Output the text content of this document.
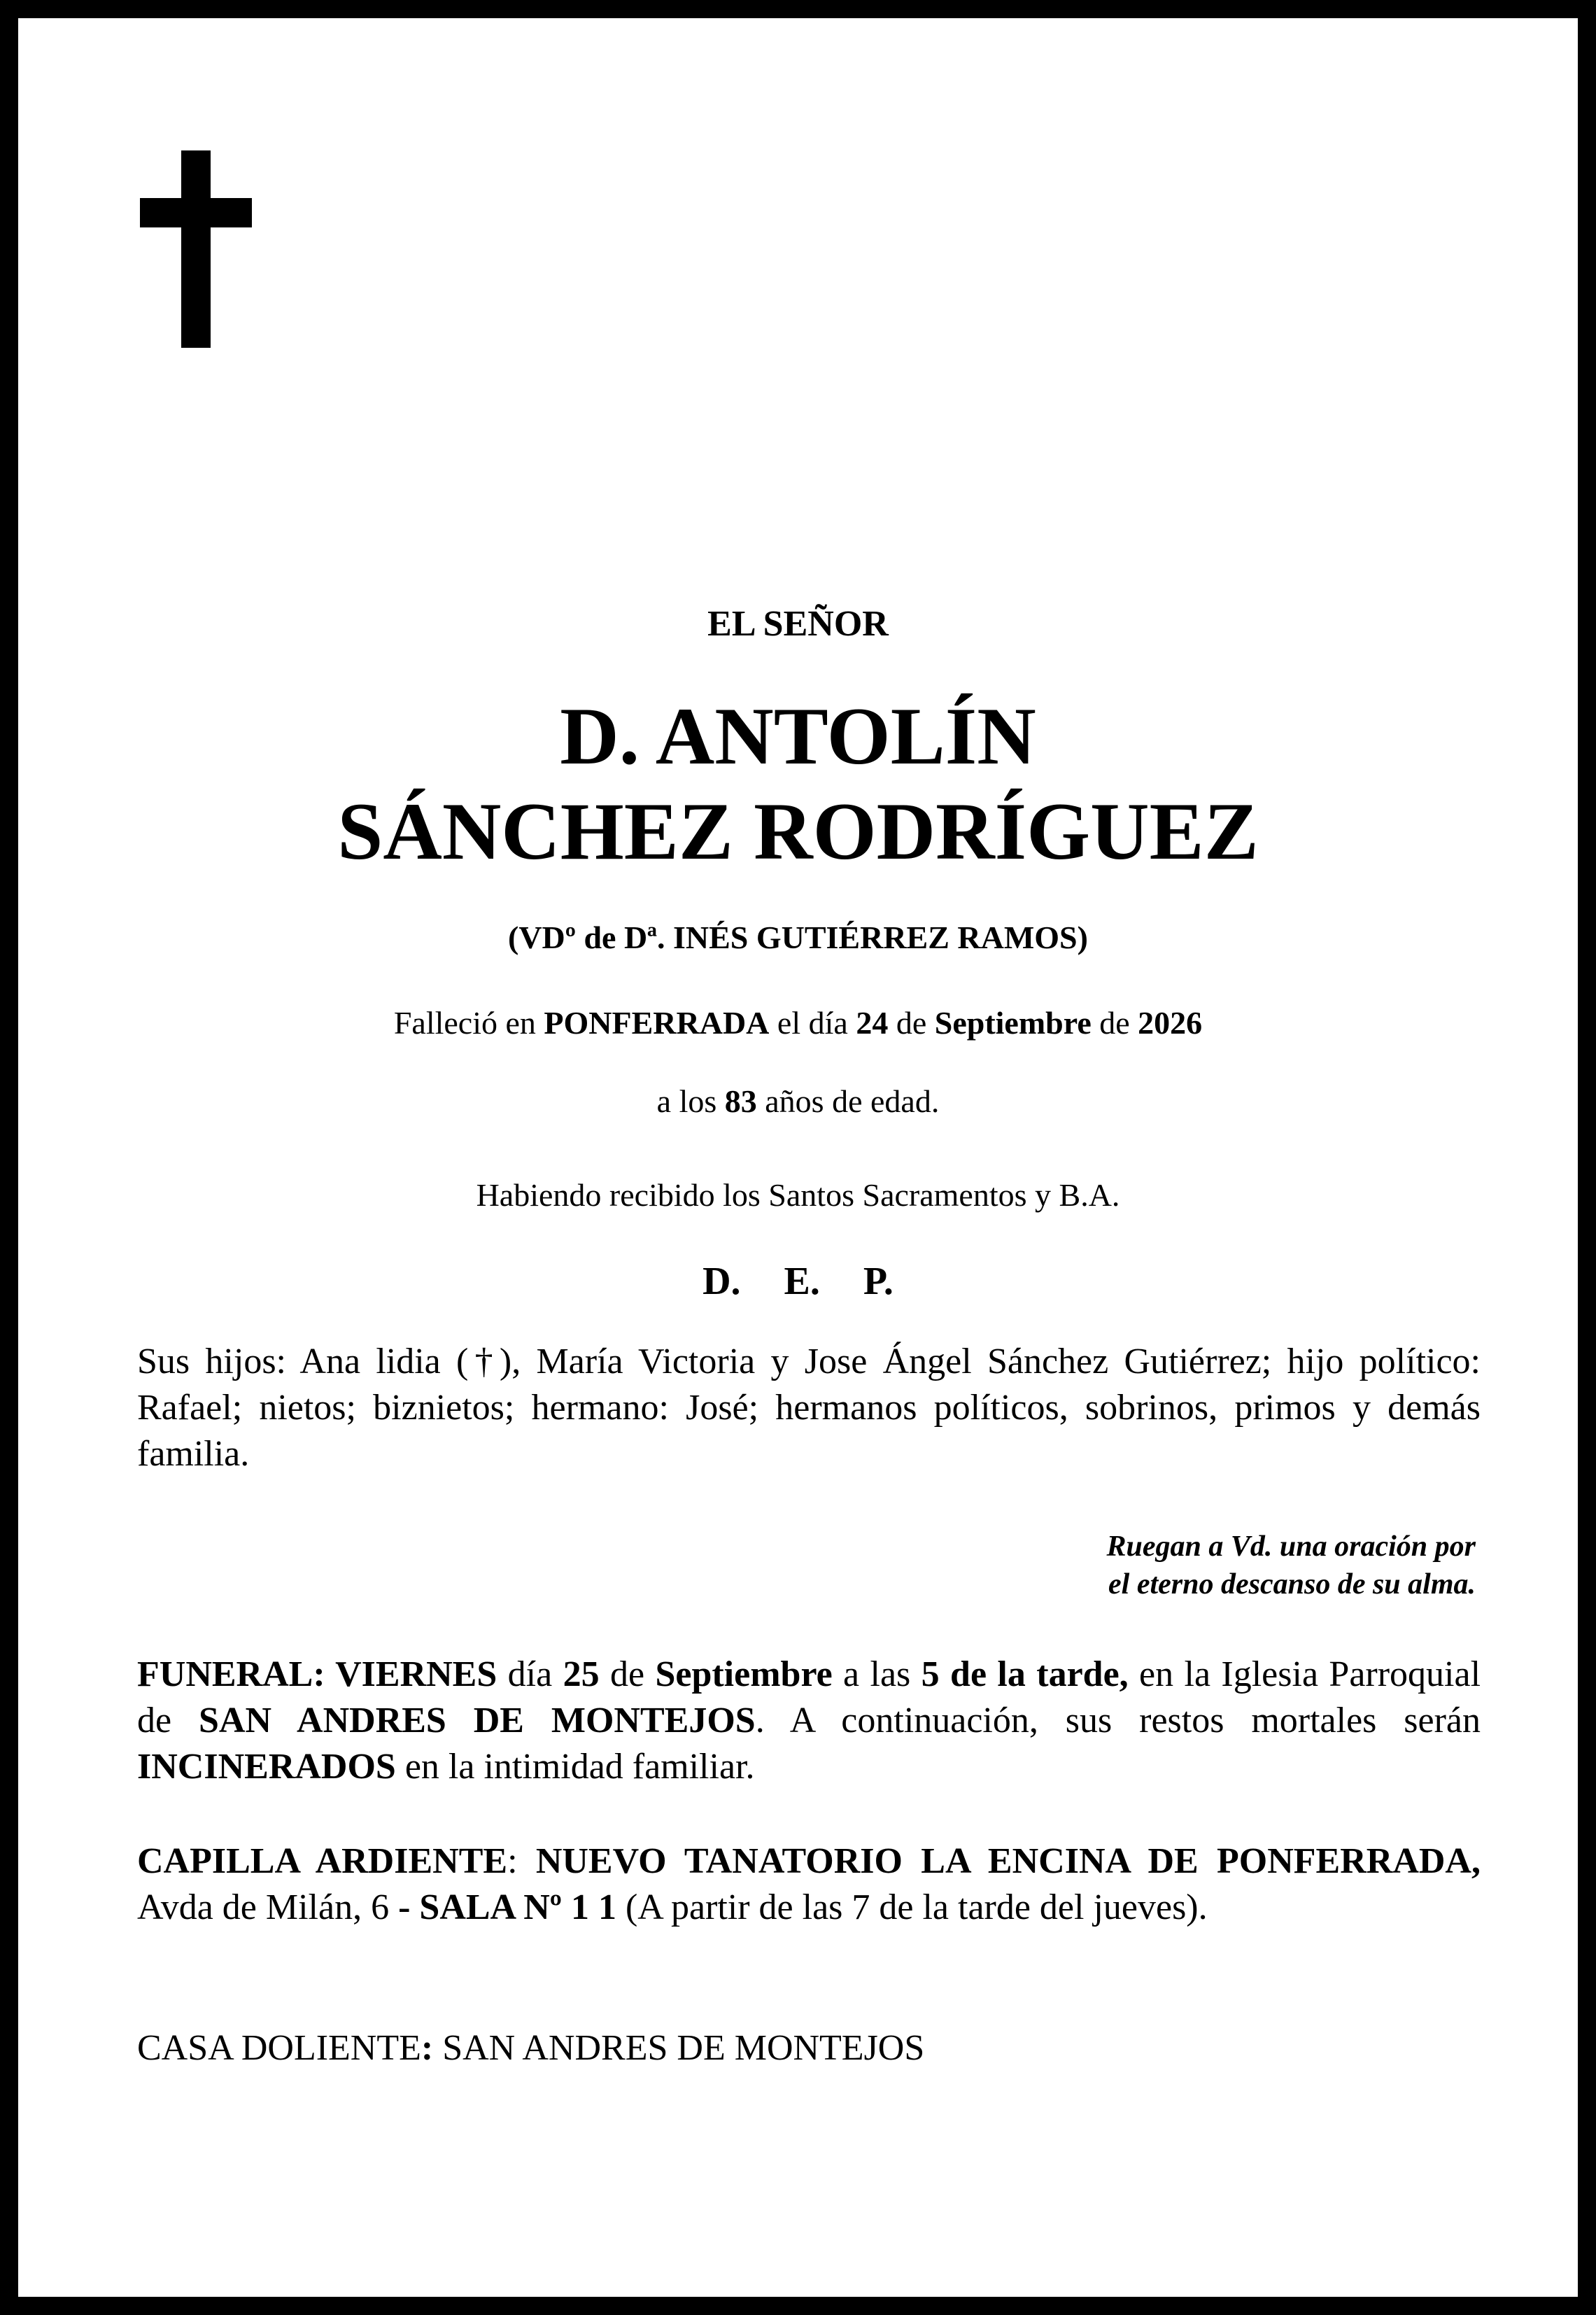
EL SEÑOR
D. ANTOLÍN
SÁNCHEZ RODRÍGUEZ
(VDº de Dª. INÉS GUTIÉRREZ RAMOS)
Falleció en PONFERRADA el día 24 de Septiembre de 2026
a los 83 años de edad.
Habiendo recibido los Santos Sacramentos y B.A.
D. E. P.
Sus hijos: Ana lidia (†), María Victoria y Jose Ángel Sánchez Gutiérrez; hijo político: Rafael; nietos; biznietos; hermano: José; hermanos políticos, sobrinos, primos y demás familia.
Ruegan a Vd. una oración por
el eterno descanso de su alma.
FUNERAL: VIERNES día 25 de Septiembre a las 5 de la tarde, en la Iglesia Parroquial de SAN ANDRES DE MONTEJOS. A continuación, sus restos mortales serán INCINERADOS en la intimidad familiar.
CAPILLA ARDIENTE: NUEVO TANATORIO LA ENCINA DE PONFERRADA, Avda de Milán, 6 - SALA Nº 1 1 (A partir de las 7 de la tarde del jueves).
CASA DOLIENTE: SAN ANDRES DE MONTEJOS
